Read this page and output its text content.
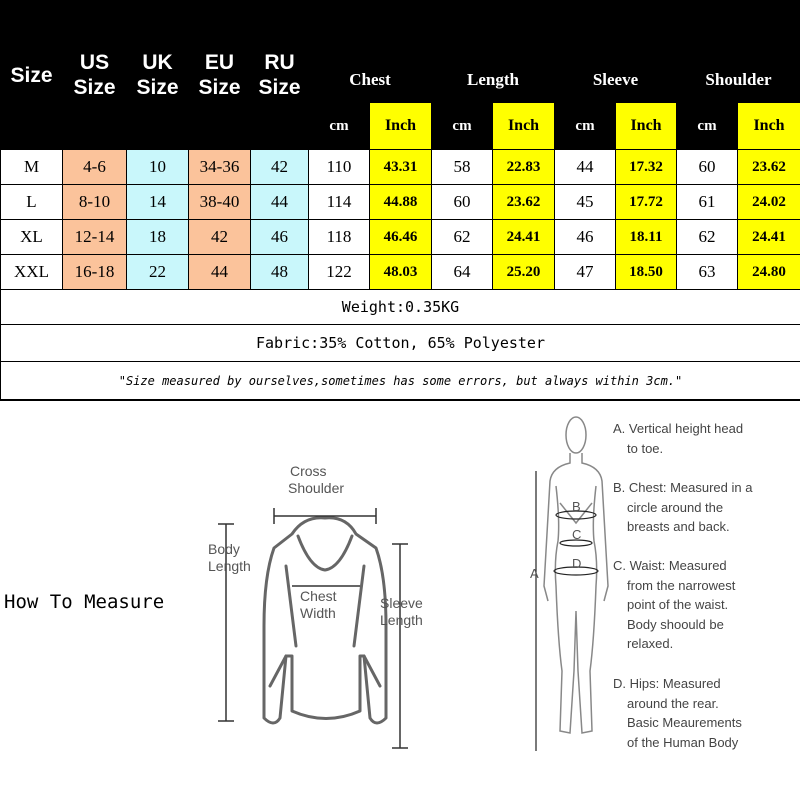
Size	US Size	UK Size	EU Size	RU Size								
					Chest		Length		Sleeve		Shoulder	
					cm	Inch	cm	Inch	cm	Inch	cm	Inch
M	4-6	10	34-36	42	110	43.31	58	22.83	44	17.32	60	23.62
L	8-10	14	38-40	44	114	44.88	60	23.62	45	17.72	61	24.02
XL	12-14	18	42	46	118	46.46	62	24.41	46	18.11	62	24.41
XXL	16-18	22	44	48	122	48.03	64	25.20	47	18.50	63	24.80
Weight:0.35KG												
Fabric:35% Cotton, 65% Polyester												
"Size measured by ourselves,sometimes has some errors, but always within 3cm."												
How To Measure
Cross
Shoulder
Body
Length
Chest
Width
Sleeve
Length
A
B
C
D
A. Vertical height head
to toe.
B. Chest: Measured in a
circle around the
breasts and back.
C. Waist: Measured
from the narrowest
point of the waist.
Body shoould be
relaxed.
D. Hips: Measured
around the rear.
Basic Meaurements
of the Human Body
